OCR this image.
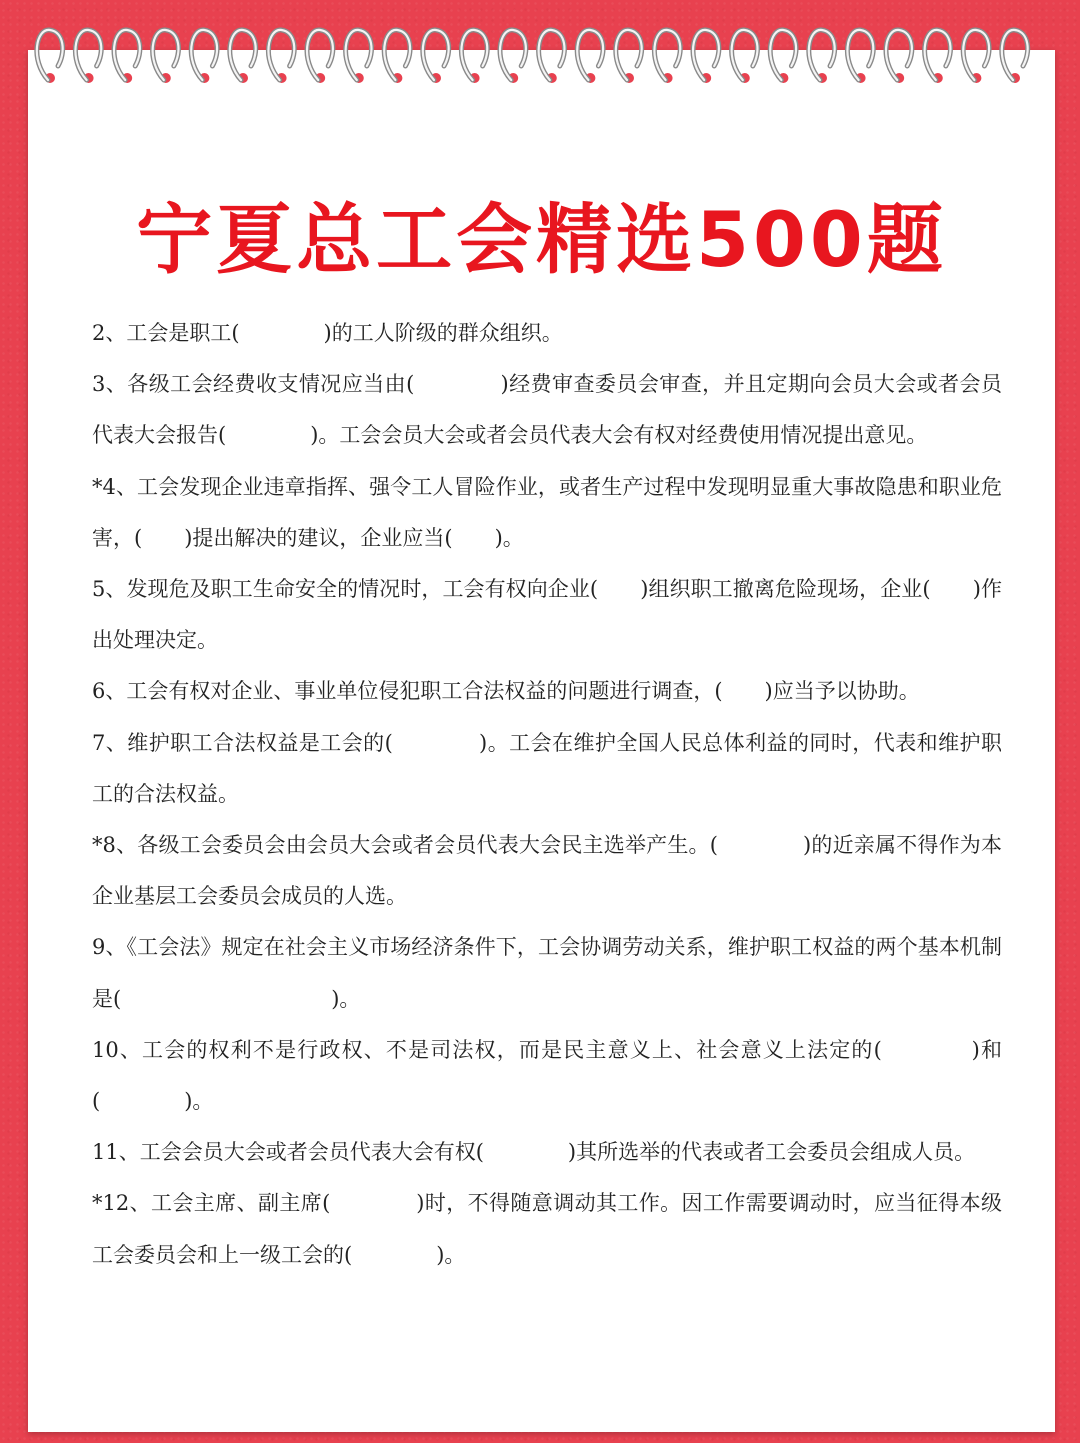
宁夏总工会精选500题

2、工会是职工(　　　　)的工人阶级的群众组织。

3、各级工会经费收支情况应当由(　　　　)经费审查委员会审查，并且定期向会员大会或者会员代表大会报告(　　　　)。工会会员大会或者会员代表大会有权对经费使用情况提出意见。

*4、工会发现企业违章指挥、强令工人冒险作业，或者生产过程中发现明显重大事故隐患和职业危害，(　　)提出解决的建议，企业应当(　　)。

5、发现危及职工生命安全的情况时，工会有权向企业(　　)组织职工撤离危险现场，企业(　　)作出处理决定。

6、工会有权对企业、事业单位侵犯职工合法权益的问题进行调查，(　　)应当予以协助。

7、维护职工合法权益是工会的(　　　　)。工会在维护全国人民总体利益的同时，代表和维护职工的合法权益。

*8、各级工会委员会由会员大会或者会员代表大会民主选举产生。(　　　　)的近亲属不得作为本企业基层工会委员会成员的人选。

9、《工会法》规定在社会主义市场经济条件下，工会协调劳动关系，维护职工权益的两个基本机制是(　　　　　　　　　　)。

10、工会的权利不是行政权、不是司法权，而是民主意义上、社会意义上法定的(　　　　)和(　　　　)。

11、工会会员大会或者会员代表大会有权(　　　　)其所选举的代表或者工会委员会组成人员。

*12、工会主席、副主席(　　　　)时，不得随意调动其工作。因工作需要调动时，应当征得本级工会委员会和上一级工会的(　　　　)。
